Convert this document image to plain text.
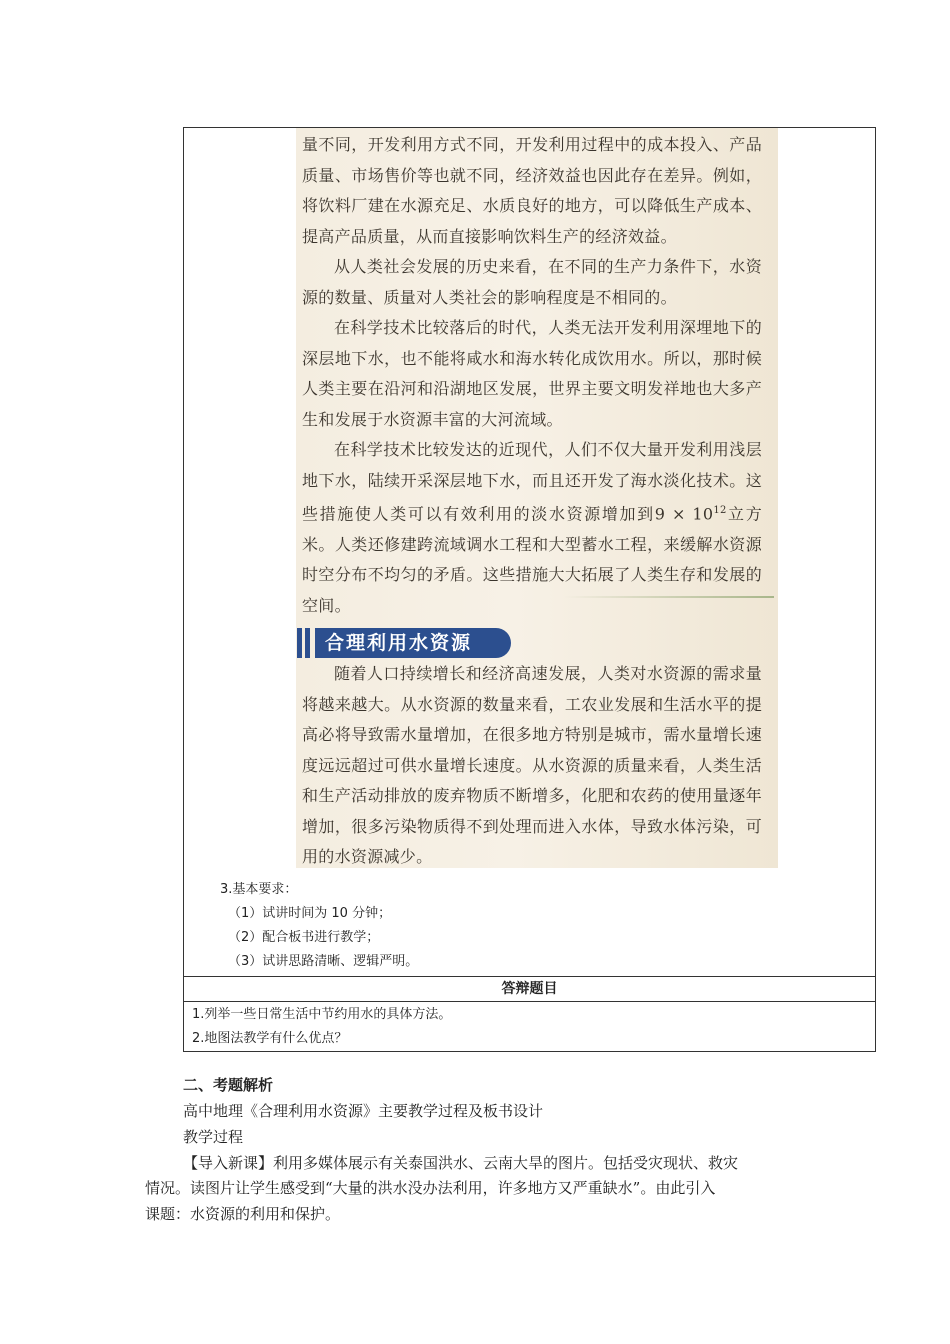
量不同，开发利用方式不同，开发利用过程中的成本投入、产品质量、市场售价等也就不同，经济效益也因此存在差异。例如，将饮料厂建在水源充足、水质良好的地方，可以降低生产成本、提高产品质量，从而直接影响饮料生产的经济效益。

从人类社会发展的历史来看，在不同的生产力条件下，水资源的数量、质量对人类社会的影响程度是不相同的。

在科学技术比较落后的时代，人类无法开发利用深埋地下的深层地下水，也不能将咸水和海水转化成饮用水。所以，那时候人类主要在沿河和沿湖地区发展，世界主要文明发祥地也大多产生和发展于水资源丰富的大河流域。

在科学技术比较发达的近现代，人们不仅大量开发利用浅层地下水，陆续开采深层地下水，而且还开发了海水淡化技术。这些措施使人类可以有效利用的淡水资源增加到$9 \times 10^{12}$立方米。人类还修建跨流域调水工程和大型蓄水工程，来缓解水资源时空分布不均匀的矛盾。这些措施大大拓展了人类生存和发展的空间。

合理利用水资源

随着人口持续增长和经济高速发展，人类对水资源的需求量将越来越大。从水资源的数量来看，工农业发展和生活水平的提高必将导致需水量增加，在很多地方特别是城市，需水量增长速度远远超过可供水量增长速度。从水资源的质量来看，人类生活和生产活动排放的废弃物质不断增多，化肥和农药的使用量逐年增加，很多污染物质得不到处理而进入水体，导致水体污染，可用的水资源减少。

3.基本要求：
（1）试讲时间为 10 分钟；
（2）配合板书进行教学；
（3）试讲思路清晰、逻辑严明。
答辩题目
1.列举一些日常生活中节约用水的具体方法。
2.地图法教学有什么优点？
二、考题解析
高中地理《合理利用水资源》主要教学过程及板书设计
教学过程
【导入新课】利用多媒体展示有关泰国洪水、云南大旱的图片。包括受灾现状、救灾
情况。读图片让学生感受到“大量的洪水没办法利用，许多地方又严重缺水”。由此引入
课题：水资源的利用和保护。
